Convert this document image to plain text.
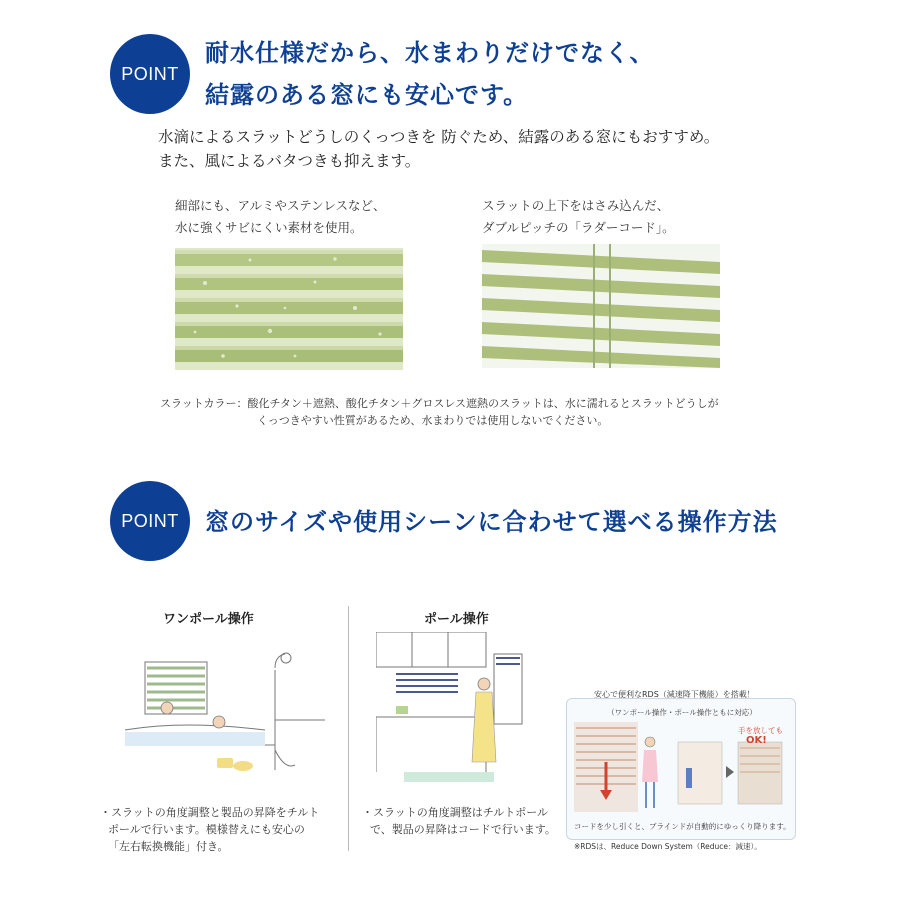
POINT
耐水仕様だから、水まわりだけでなく、
結露のある窓にも安心です。
水滴によるスラットどうしのくっつきを 防ぐため、結露のある窓にもおすすめ。
また、風によるバタつきも抑えます。
細部にも、アルミやステンレスなど、
水に強くサビにくい素材を使用。
スラットの上下をはさみ込んだ、
ダブルピッチの「ラダーコード」。
スラットカラー：酸化チタン＋遮熱、酸化チタン＋グロスレス遮熱のスラットは、水に濡れるとスラットどうしが
くっつきやすい性質があるため、水まわりでは使用しないでください。
POINT 窓のサイズや使用シーンに合わせて選べる操作方法
ワンポール操作	ポール操作
・スラットの角度調整と製品の昇降をチルト
ポールで行います。模様替えにも安心の
「左右転換機能」付き。
・スラットの角度調整はチルトポール
で、製品の昇降はコードで行います。
安心で便利なRDS（減速降下機能）を搭載！
（ワンポール操作・ポール操作ともに対応）
手を放しても
OK!
コードを少し引くと、ブラインドが自動的にゆっくり降ります。
※RDSは、Reduce Down System（Reduce：減速）。
